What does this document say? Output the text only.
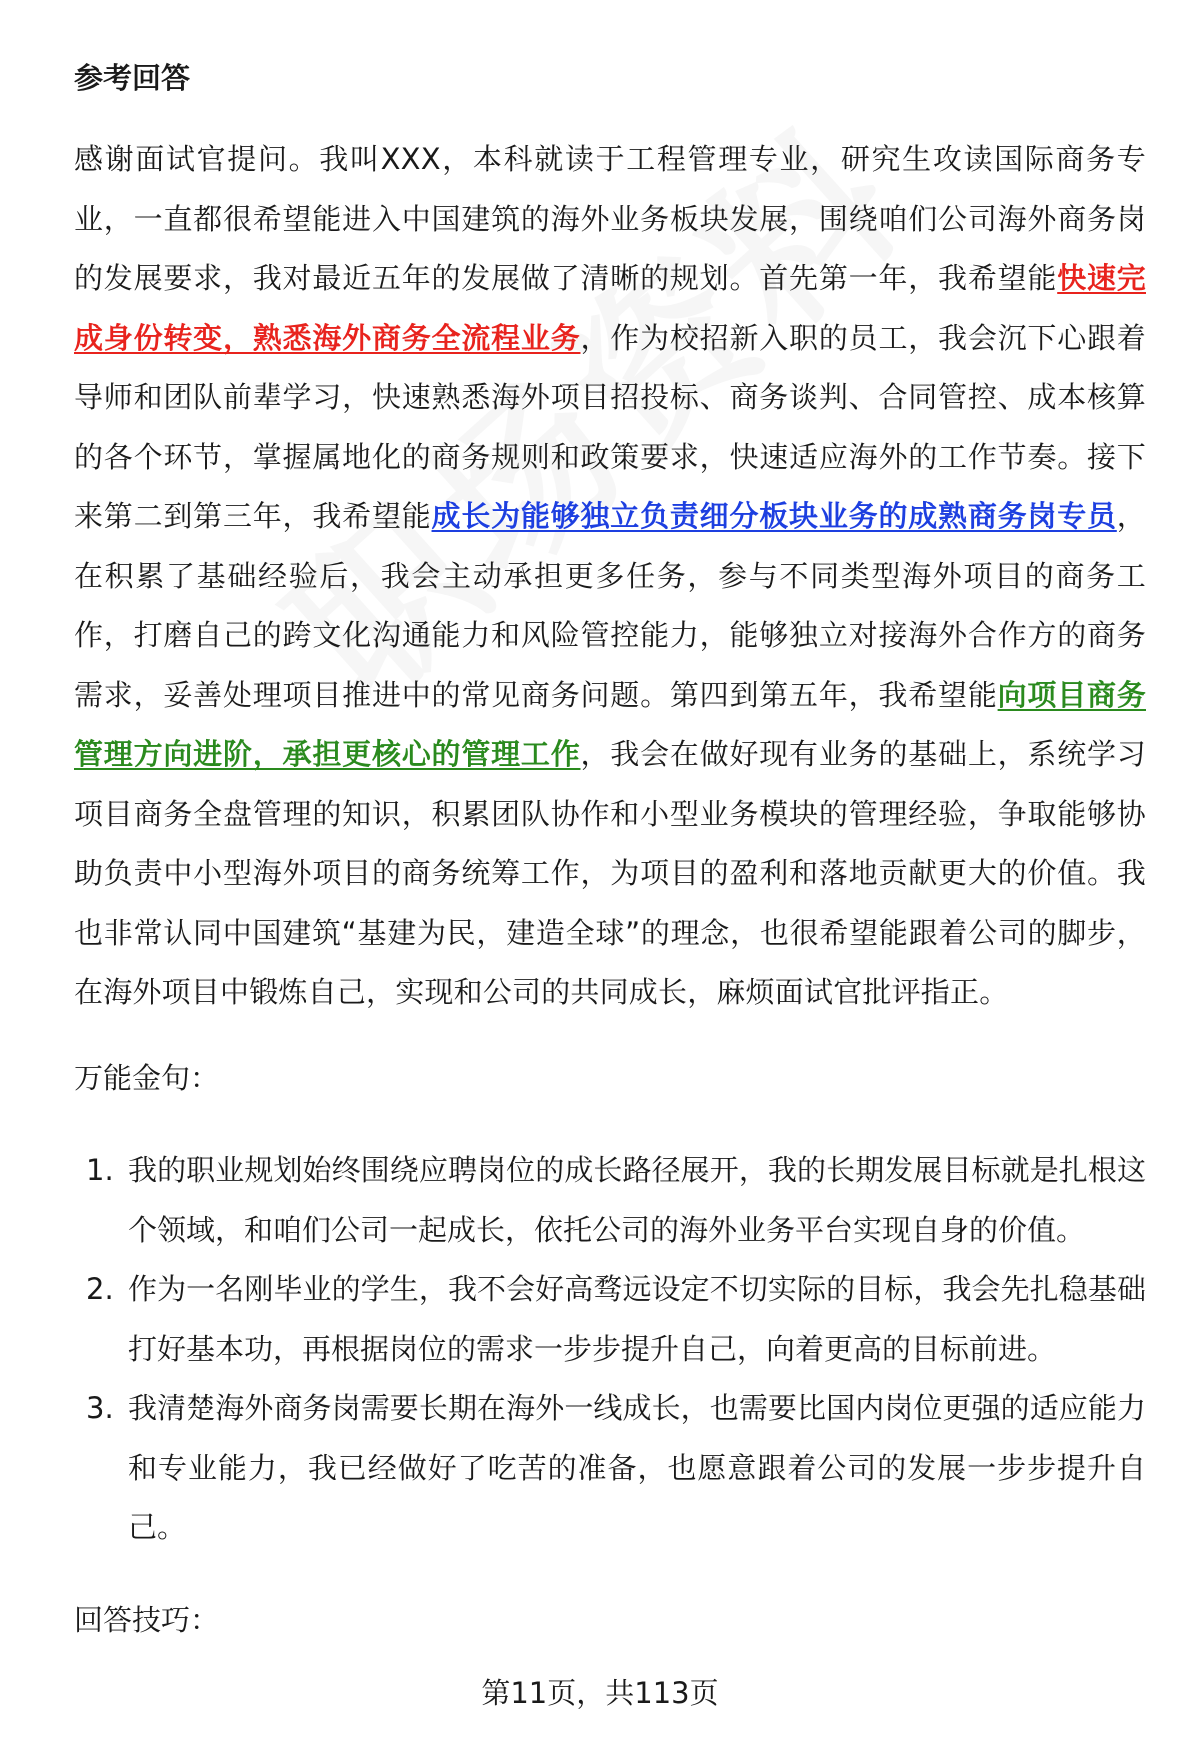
参考回答

感谢面试官提问。我叫XXX，本科就读于工程管理专业，研究生攻读国际商务专业，一直都很希望能进入中国建筑的海外业务板块发展，围绕咱们公司海外商务岗的发展要求，我对最近五年的发展做了清晰的规划。首先第一年，我希望能快速完成身份转变，熟悉海外商务全流程业务，作为校招新入职的员工，我会沉下心跟着导师和团队前辈学习，快速熟悉海外项目招投标、商务谈判、合同管控、成本核算的各个环节，掌握属地化的商务规则和政策要求，快速适应海外的工作节奏。接下来第二到第三年，我希望能成长为能够独立负责细分板块业务的成熟商务岗专员，在积累了基础经验后，我会主动承担更多任务，参与不同类型海外项目的商务工作，打磨自己的跨文化沟通能力和风险管控能力，能够独立对接海外合作方的商务需求，妥善处理项目推进中的常见商务问题。第四到第五年，我希望能向项目商务管理方向进阶，承担更核心的管理工作，我会在做好现有业务的基础上，系统学习项目商务全盘管理的知识，积累团队协作和小型业务模块的管理经验，争取能够协助负责中小型海外项目的商务统筹工作，为项目的盈利和落地贡献更大的价值。我也非常认同中国建筑“基建为民，建造全球”的理念，也很希望能跟着公司的脚步，在海外项目中锻炼自己，实现和公司的共同成长，麻烦面试官批评指正。

万能金句：

1. 我的职业规划始终围绕应聘岗位的成长路径展开，我的长期发展目标就是扎根这个领域，和咱们公司一起成长，依托公司的海外业务平台实现自身的价值。
2. 作为一名刚毕业的学生，我不会好高骛远设定不切实际的目标，我会先扎稳基础打好基本功，再根据岗位的需求一步步提升自己，向着更高的目标前进。
3. 我清楚海外商务岗需要长期在海外一线成长，也需要比国内岗位更强的适应能力和专业能力，我已经做好了吃苦的准备，也愿意跟着公司的发展一步步提升自己。

回答技巧：

第11页，共113页
